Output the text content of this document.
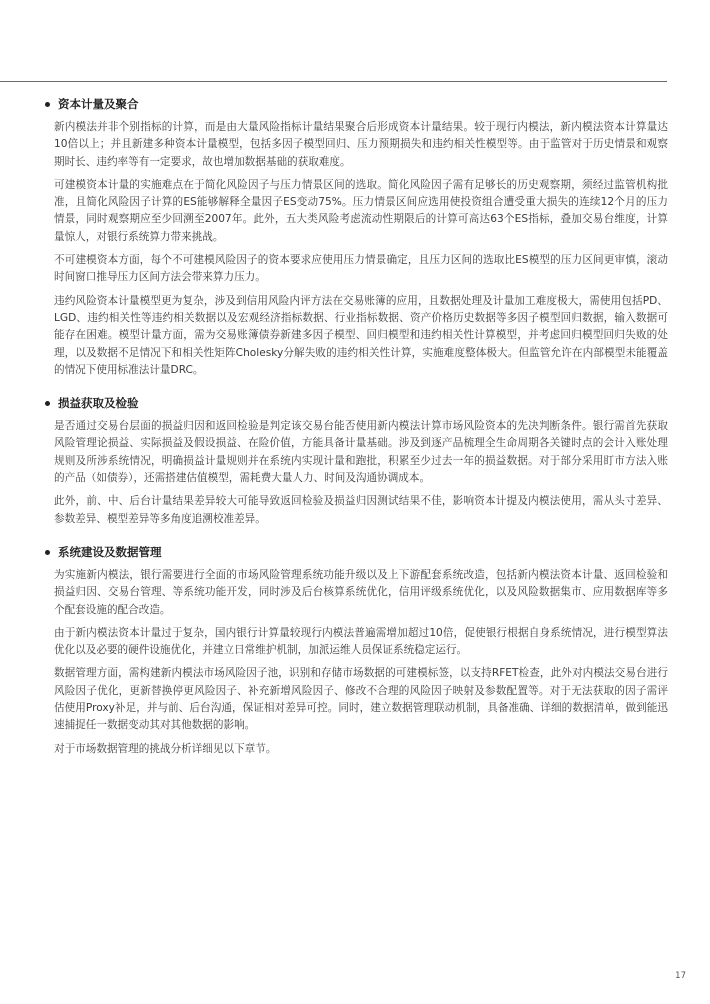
资本计量及聚合

新内模法并非个别指标的计算，而是由大量风险指标计量结果聚合后形成资本计量结果。较于现行内模法，新内模法资本计算量达10倍以上；并且新建多种资本计量模型，包括多因子模型回归、压力预期损失和违约相关性模型等。由于监管对于历史情景和观察期时长、违约率等有一定要求，故也增加数据基础的获取难度。

可建模资本计量的实施难点在于简化风险因子与压力情景区间的选取。简化风险因子需有足够长的历史观察期，须经过监管机构批准，且简化风险因子计算的ES能够解释全量因子ES变动75%。压力情景区间应选用使投资组合遭受重大损失的连续12个月的压力情景，同时观察期应至少回溯至2007年。此外，五大类风险考虑流动性期限后的计算可高达63个ES指标，叠加交易台维度，计算量惊人，对银行系统算力带来挑战。

不可建模资本方面，每个不可建模风险因子的资本要求应使用压力情景确定，且压力区间的选取比ES模型的压力区间更审慎，滚动时间窗口推导压力区间方法会带来算力压力。

违约风险资本计量模型更为复杂，涉及到信用风险内评方法在交易账簿的应用，且数据处理及计量加工难度极大，需使用包括PD、LGD、违约相关性等违约相关数据以及宏观经济指标数据、行业指标数据、资产价格历史数据等多因子模型回归数据，输入数据可能存在困难。模型计量方面，需为交易账簿债券新建多因子模型、回归模型和违约相关性计算模型，并考虑回归模型回归失败的处理，以及数据不足情况下和相关性矩阵Cholesky分解失败的违约相关性计算，实施难度整体极大。但监管允许在内部模型未能覆盖的情况下使用标准法计量DRC。

损益获取及检验

是否通过交易台层面的损益归因和返回检验是判定该交易台能否使用新内模法计算市场风险资本的先决判断条件。银行需首先获取风险管理论损益、实际损益及假设损益、在险价值，方能具备计量基础。涉及到逐产品梳理全生命周期各关键时点的会计入账处理规则及所涉系统情况，明确损益计量规则并在系统内实现计量和跑批，积累至少过去一年的损益数据。对于部分采用盯市方法入账的产品（如债券），还需搭建估值模型，需耗费大量人力、时间及沟通协调成本。

此外，前、中、后台计量结果差异较大可能导致返回检验及损益归因测试结果不佳，影响资本计提及内模法使用，需从头寸差异、参数差异、模型差异等多角度追溯校准差异。

系统建设及数据管理

为实施新内模法，银行需要进行全面的市场风险管理系统功能升级以及上下游配套系统改造，包括新内模法资本计量、返回检验和损益归因、交易台管理、等系统功能开发，同时涉及后台核算系统优化，信用评级系统优化，以及风险数据集市、应用数据库等多个配套设施的配合改造。

由于新内模法资本计量过于复杂，国内银行计算量较现行内模法普遍需增加超过10倍，促使银行根据自身系统情况，进行模型算法优化以及必要的硬件设施优化，并建立日常维护机制，加派运维人员保证系统稳定运行。

数据管理方面，需构建新内模法市场风险因子池，识别和存储市场数据的可建模标签，以支持RFET检查，此外对内模法交易台进行风险因子优化，更新替换停更风险因子、补充新增风险因子、修改不合理的风险因子映射及参数配置等。对于无法获取的因子需评估使用Proxy补足，并与前、后台沟通，保证相对差异可控。同时，建立数据管理联动机制，具备准确、详细的数据清单，做到能迅速捕捉任一数据变动其对其他数据的影响。

对于市场数据管理的挑战分析详细见以下章节。

17
